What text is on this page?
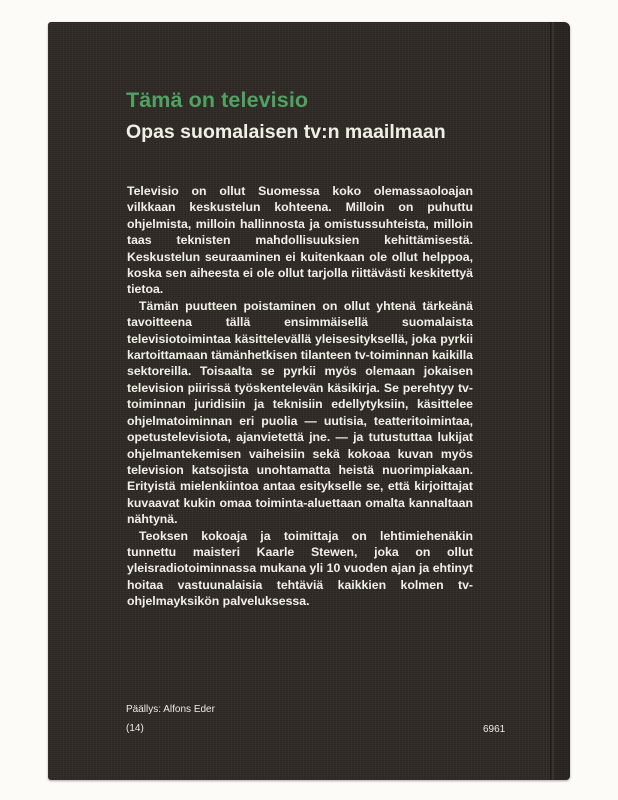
Tämä on televisio
Opas suomalaisen tv:n maailmaan

Televisio on ollut Suomessa koko olemassaoloajan vilkkaan keskustelun kohteena. Milloin on puhuttu ohjelmista, milloin hallinnosta ja omistussuhteista, milloin taas teknisten mahdollisuuksien kehittämisestä. Keskustelun seuraaminen ei kuitenkaan ole ollut helppoa, koska sen aiheesta ei ole ollut tarjolla riittävästi keskitettyä tietoa.

Tämän puutteen poistaminen on ollut yhtenä tärkeänä tavoitteena tällä ensimmäisellä suomalaista televisiotoimintaa käsittelevällä yleisesityksellä, joka pyrkii kartoittamaan tämänhetkisen tilanteen tv-toiminnan kaikilla sektoreilla. Toisaalta se pyrkii myös olemaan jokaisen television piirissä työskentelevän käsikirja. Se perehtyy tv-toiminnan juridisiin ja teknisiin edellytyksiin, käsittelee ohjelmatoiminnan eri puolia — uutisia, teatteritoimintaa, opetustelevisiota, ajanvietettä jne. — ja tutustuttaa lukijat ohjelmantekemisen vaiheisiin sekä kokoaa kuvan myös television katsojista unohtamatta heistä nuorimpiakaan. Erityistä mielenkiintoa antaa esitykselle se, että kirjoittajat kuvaavat kukin omaa toiminta-aluettaan omalta kannaltaan nähtynä.

Teoksen kokoaja ja toimittaja on lehtimiehenäkin tunnettu maisteri Kaarle Stewen, joka on ollut yleisradiotoiminnassa mukana yli 10 vuoden ajan ja ehtinyt hoitaa vastuunalaisia tehtäviä kaikkien kolmen tv-ohjelmayksikön palveluksessa.

Päällys: Alfons Eder
(14)	6961
